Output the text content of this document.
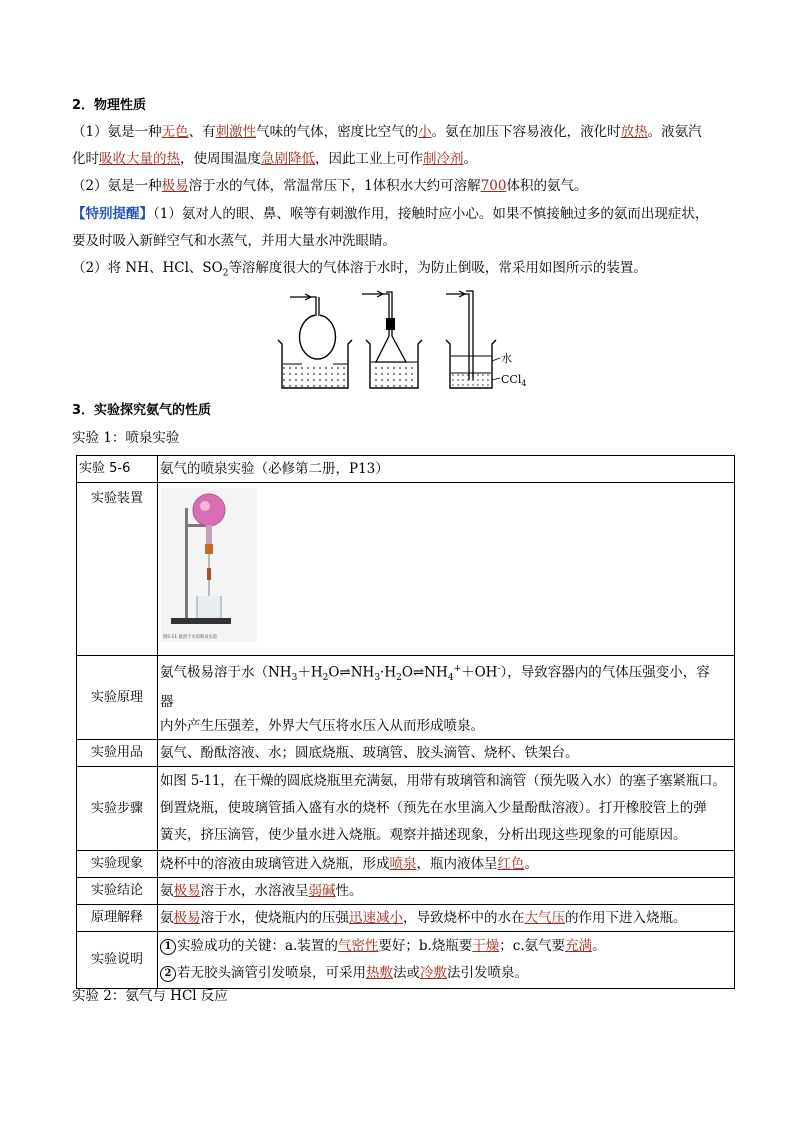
2．物理性质
（1）氨是一种无色、有刺激性气味的气体，密度比空气的小。氨在加压下容易液化，液化时放热。液氨汽
化时吸收大量的热，使周围温度急剧降低，因此工业上可作制冷剂。
（2）氨是一种极易溶于水的气体，常温常压下，1体积水大约可溶解700体积的氨气。
【特别提醒】（1）氨对人的眼、鼻、喉等有刺激作用，接触时应小心。如果不慎接触过多的氨而出现症状，
要及时吸入新鲜空气和水蒸气，并用大量水冲洗眼睛。
（2）将 NH、HCl、$SO_2$等溶解度很大的气体溶于水时，为防止倒吸，常采用如图所示的装置。
水
CCl$_4$
3．实验探究氨气的性质
实验 1：喷泉实验
实验 5-6	氨气的喷泉实验（必修第二册，P13）
实验装置	图5-11 氨溶于水的喷泉实验

实验原理	氨气极易溶于水$(NH_3+H_2O\rightleftharpoons NH_3\cdot H_2O\rightleftharpoons NH_4^++OH^-)$，导致容器内的气体压强变小，容
器
内外产生压强差，外界大气压将水压入从而形成喷泉。

实验用品	氨气、酚酞溶液、水；圆底烧瓶、玻璃管、胶头滴管、烧杯、铁架台。
实验步骤	如图 5-11，在干燥的圆底烧瓶里充满氨，用带有玻璃管和滴管（预先吸入水）的塞子塞紧瓶口。
倒置烧瓶，使玻璃管插入盛有水的烧杯（预先在水里滴入少量酚酞溶液）。打开橡胶管上的弹
簧夹，挤压滴管，使少量水进入烧瓶。观察并描述现象，分析出现这些现象的可能原因。

实验现象	烧杯中的溶液由玻璃管进入烧瓶，形成喷泉，瓶内液体呈红色。
实验结论	氨极易溶于水，水溶液呈弱碱性。
原理解释	氨极易溶于水，使烧瓶内的压强迅速减小，导致烧杯中的水在大气压的作用下进入烧瓶。
实验说明	1 实验成功的关键：a.装置的气密性要好；b.烧瓶要干燥；c.氨气要充满。
2 若无胶头滴管引发喷泉，可采用热敷法或冷敷法引发喷泉。
实验 2：氨气与 HCl 反应
